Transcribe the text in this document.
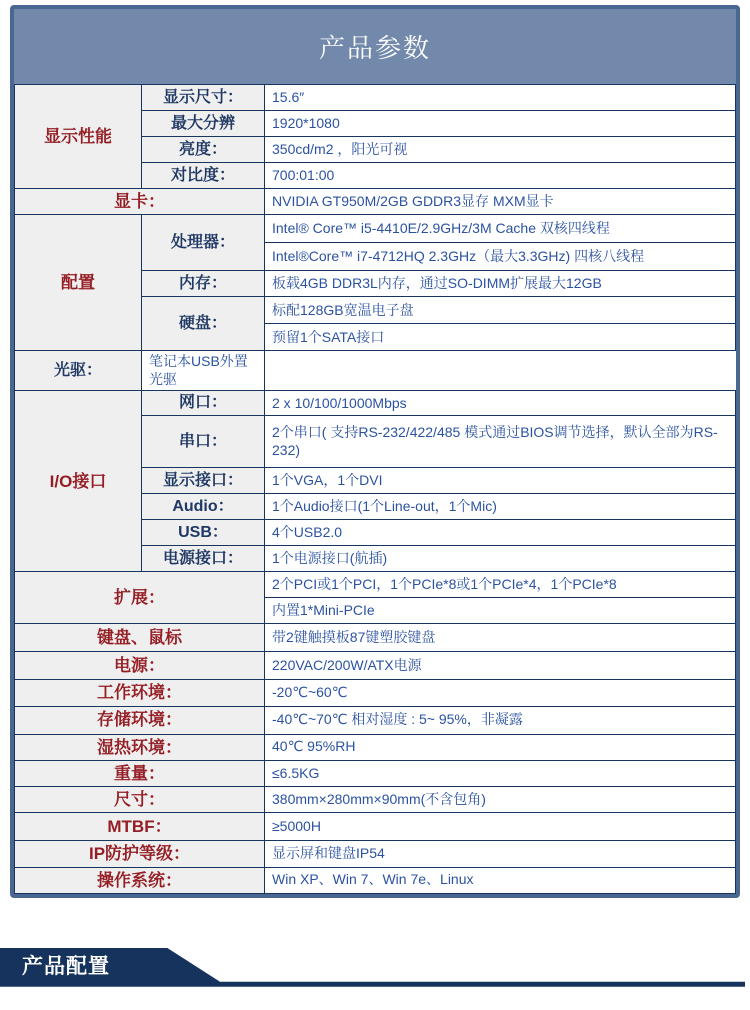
产品参数
显示性能	显示尺寸：	15.6″
	最大分辨	1920*1080
	亮度：	350cd/m2 ，阳光可视
	对比度：	700:01:00
显卡：		NVIDIA GT950M/2GB GDDR3显存 MXM显卡
配置	处理器：	Intel® Core™ i5-4410E/2.9GHz/3M Cache 双核四线程
		Intel®Core™ i7-4712HQ 2.3GHz（最大3.3GHz) 四核八线程
	内存：	板载4GB DDR3L内存，通过SO-DIMM扩展最大12GB
	硬盘：	标配128GB宽温电子盘
		预留1个SATA接口
光驱：	笔记本USB外置光驱	
I/O接口	网口：	2 x 10/100/1000Mbps
	串口：	2个串口( 支持RS-232/422/485 模式通过BIOS调节选择，默认全部为RS-232)
	显示接口：	1个VGA，1个DVI
	Audio：	1个Audio接口(1个Line-out，1个Mic)
	USB：	4个USB2.0
	电源接口：	1个电源接口(航插)
扩展：		2个PCI或1个PCI，1个PCIe*8或1个PCIe*4，1个PCIe*8
		内置1*Mini-PCIe
键盘、鼠标		带2键触摸板87键塑胶键盘
电源：		220VAC/200W/ATX电源
工作环境：		-20℃~60℃
存储环境：		-40℃~70℃ 相对湿度 : 5~ 95%，非凝露
湿热环境：		40℃ 95%RH
重量：		≤6.5KG
尺寸：		380mm×280mm×90mm(不含包角)
MTBF：		≥5000H
IP防护等级：		显示屏和键盘IP54
操作系统：		Win XP、Win 7、Win 7e、Linux
产品配置
